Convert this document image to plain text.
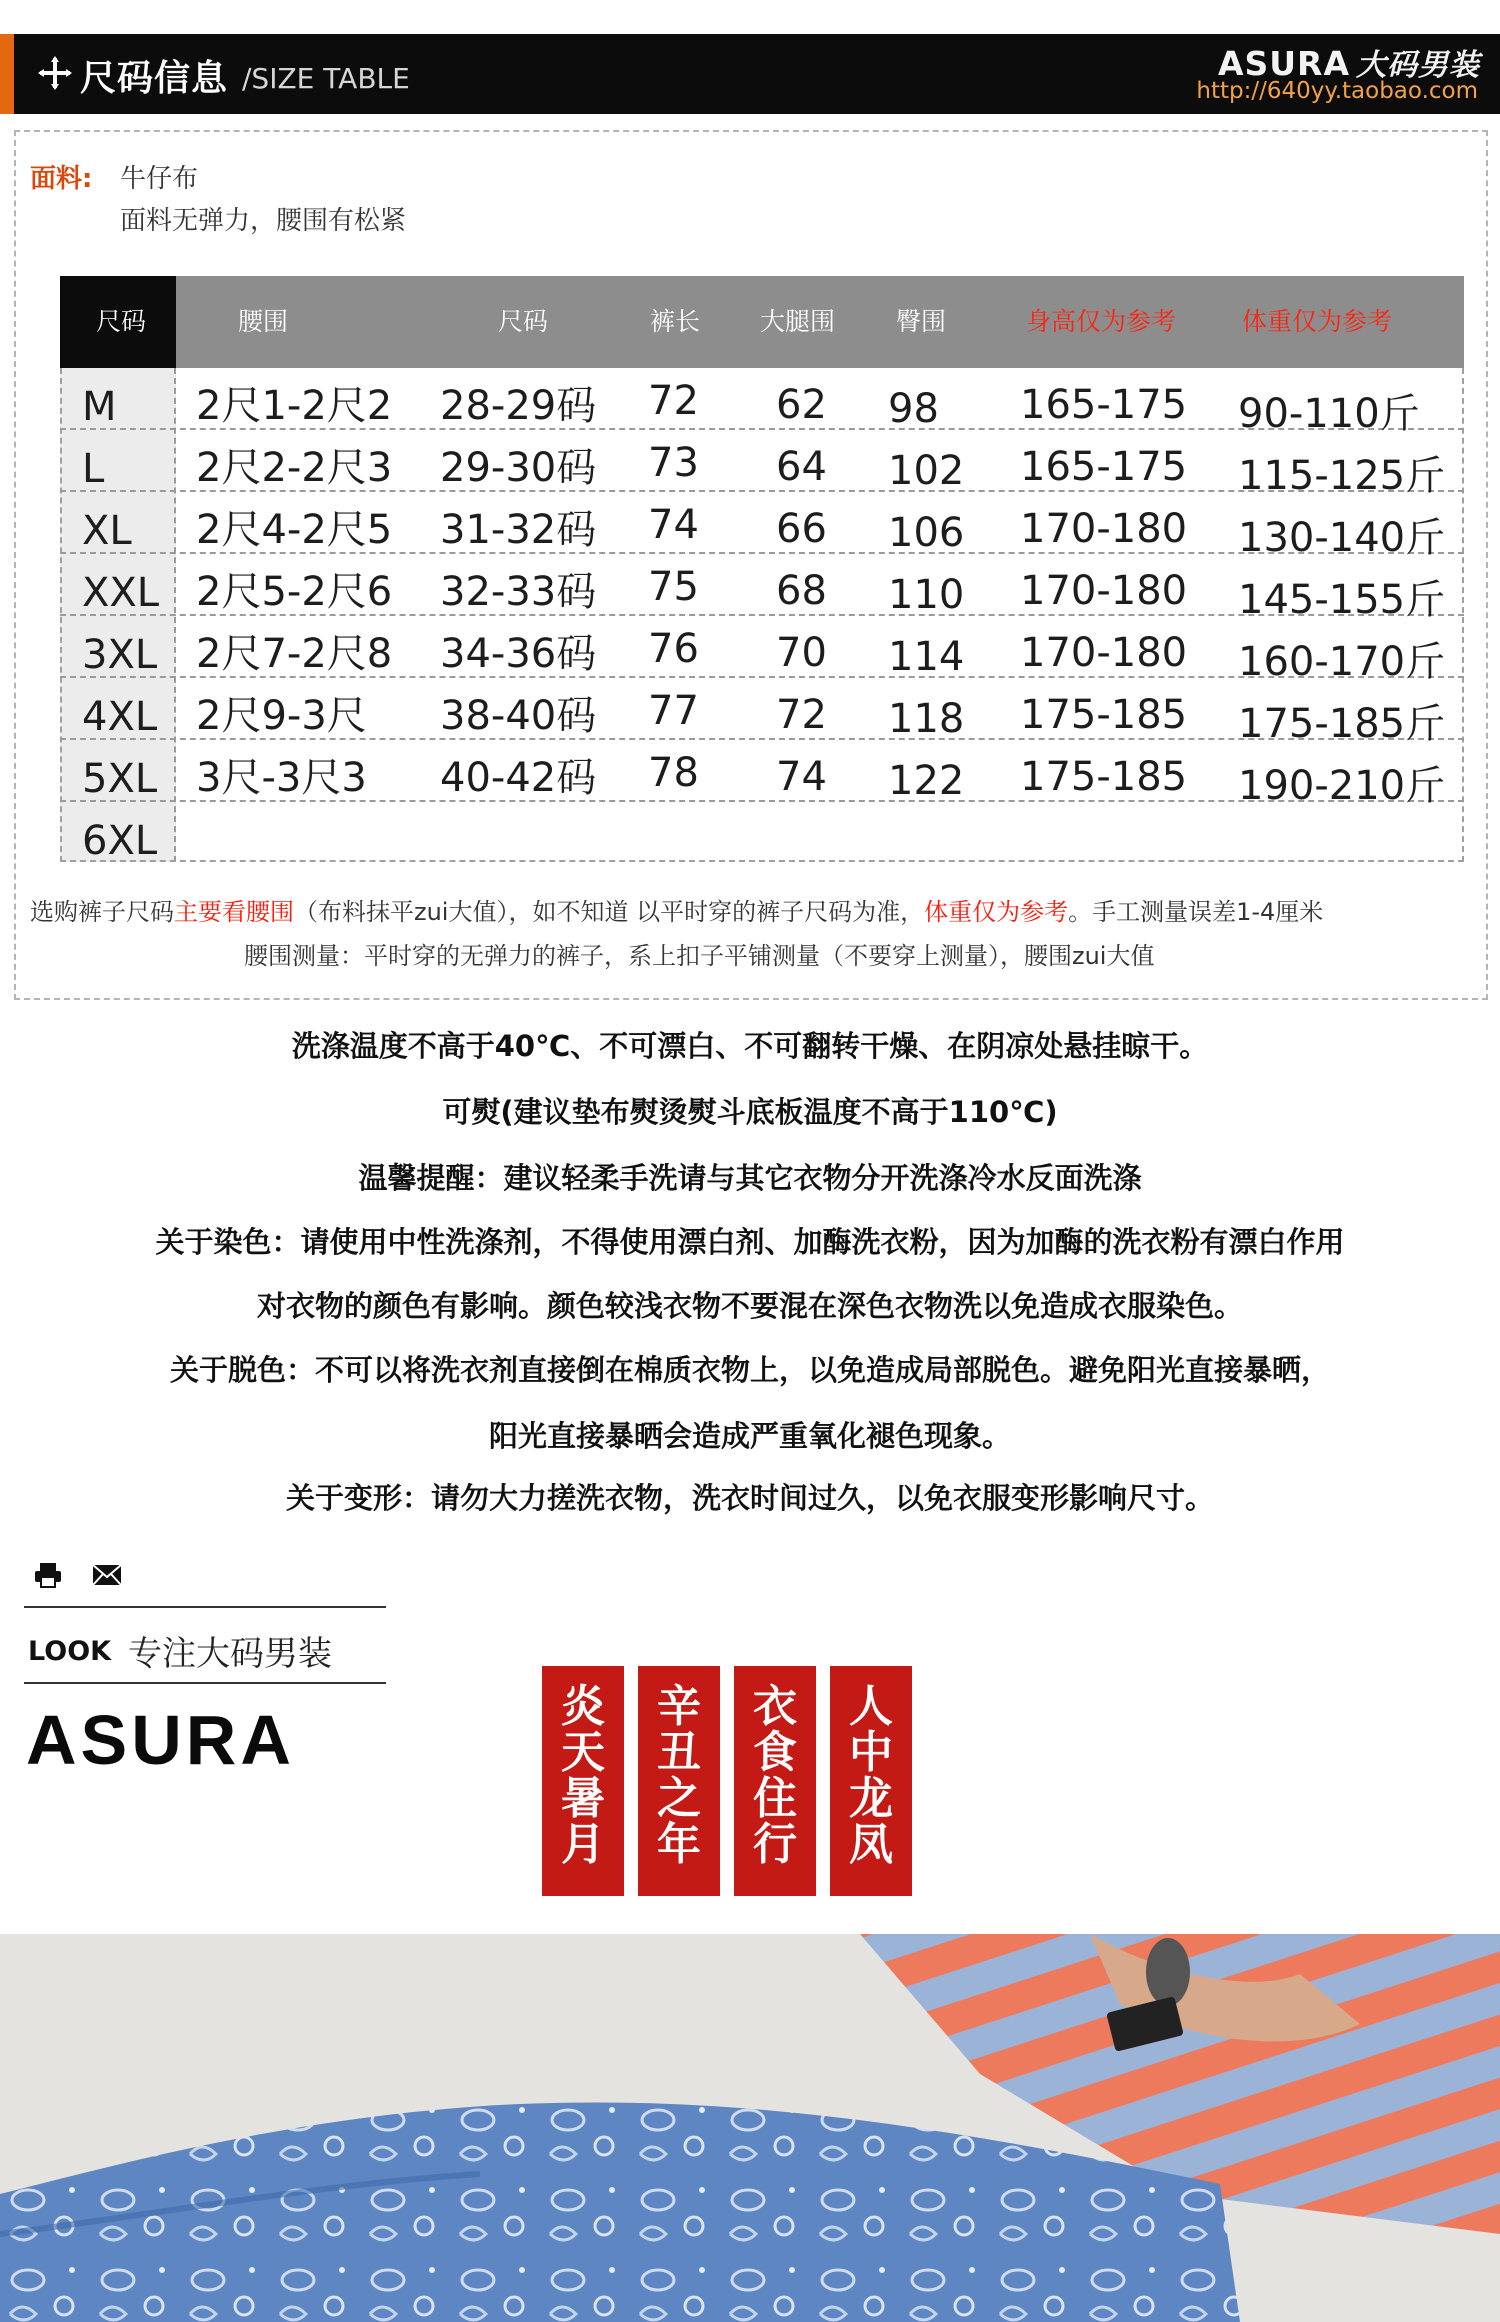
尺码信息 /SIZE TABLE	ASURA 大码男装
http://640yy.taobao.com
面料: 牛仔布
面料无弹力，腰围有松紧
尺码	腰围	尺码	裤长 大腿围 臀围	身高仅为参考	体重仅为参考
M 2尺1-2尺2 28-29码 72 62 98 165-175 90-110斤
L 2尺2-2尺3 29-30码 73 64 102 165-175 115-125斤
XL 2尺4-2尺5 31-32码 74 66 106 170-180 130-140斤
XXL 2尺5-2尺6 32-33码 75 68 110 170-180 145-155斤
3XL 2尺7-2尺8 34-36码 76 70 114 170-180 160-170斤
4XL 2尺9-3尺 38-40码 77 72 118 175-185 175-185斤
5XL 3尺-3尺3 40-42码 78 74 122 175-185 190-210斤
6XL
选购裤子尺码主要看腰围（布料抹平zui大值），如不知道 以平时穿的裤子尺码为准，体重仅为参考。手工测量误差1-4厘米
腰围测量：平时穿的无弹力的裤子，系上扣子平铺测量（不要穿上测量），腰围zui大值
洗涤温度不高于40℃、不可漂白、不可翻转干燥、在阴凉处悬挂晾干。
可熨(建议垫布熨烫熨斗底板温度不高于110℃)
温馨提醒：建议轻柔手洗请与其它衣物分开洗涤冷水反面洗涤
关于染色：请使用中性洗涤剂，不得使用漂白剂、加酶洗衣粉，因为加酶的洗衣粉有漂白作用
对衣物的颜色有影响。颜色较浅衣物不要混在深色衣物洗以免造成衣服染色。
关于脱色：不可以将洗衣剂直接倒在棉质衣物上，以免造成局部脱色。避免阳光直接暴晒，
阳光直接暴晒会造成严重氧化褪色现象。
关于变形：请勿大力搓洗衣物，洗衣时间过久，以免衣服变形影响尺寸。
LOOK 专注大码男装
ASURA	炎天暑月
辛丑之年
衣食住行
人中龙凤
